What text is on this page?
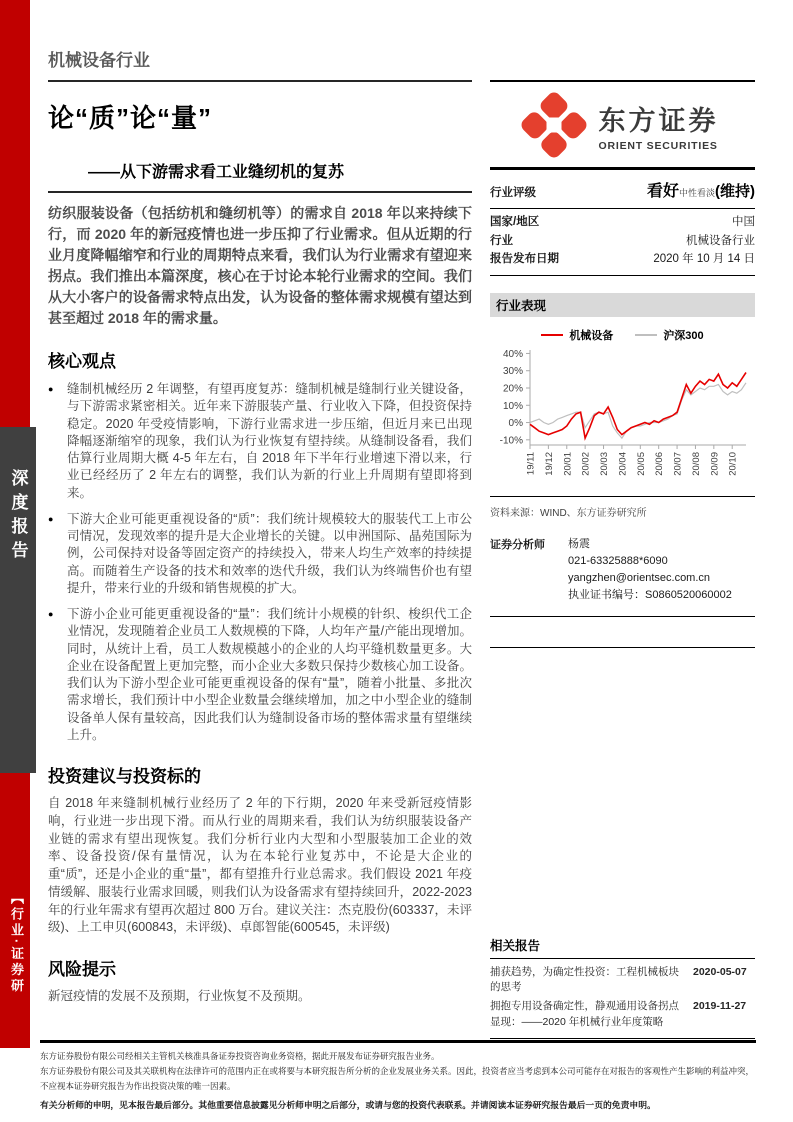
深度报告
【行业·证券研
机械设备行业
论“质”论“量”
——从下游需求看工业缝纫机的复苏

纺织服装设备（包括纺机和缝纫机等）的需求自 2018 年以来持续下行，而 2020 年的新冠疫情也进一步压抑了行业需求。但从近期的行业月度降幅缩窄和行业的周期特点来看，我们认为行业需求有望迎来拐点。我们推出本篇深度，核心在于讨论本轮行业需求的空间。我们从大小客户的设备需求特点出发，认为设备的整体需求规模有望达到甚至超过 2018 年的需求量。

核心观点
● 缝制机械经历 2 年调整，有望再度复苏：缝制机械是缝制行业关键设备，与下游需求紧密相关。近年来下游服装产量、行业收入下降，但投资保持稳定。2020 年受疫情影响，下游行业需求进一步压缩，但近月来已出现降幅逐渐缩窄的现象，我们认为行业恢复有望持续。从缝制设备看，我们估算行业周期大概 4-5 年左右，自 2018 年下半年行业增速下滑以来，行业已经经历了 2 年左右的调整，我们认为新的行业上升周期有望即将到来。
● 下游大企业可能更重视设备的“质”：我们统计规模较大的服装代工上市公司情况，发现效率的提升是大企业增长的关键。以申洲国际、晶苑国际为例，公司保持对设备等固定资产的持续投入，带来人均生产效率的持续提高。而随着生产设备的技术和效率的迭代升级，我们认为终端售价也有望提升，带来行业的升级和销售规模的扩大。
● 下游小企业可能更重视设备的“量”：我们统计小规模的针织、梭织代工企业情况，发现随着企业员工人数规模的下降，人均年产量/产能出现增加。同时，从统计上看，员工人数规模越小的企业的人均平缝机数量更多。大企业在设备配置上更加完整，而小企业大多数只保持少数核心加工设备。我们认为下游小型企业可能更重视设备的保有“量”，随着小批量、多批次需求增长，我们预计中小型企业数量会继续增加，加之中小型企业的缝制设备单人保有量较高，因此我们认为缝制设备市场的整体需求量有望继续上升。
投资建议与投资标的

自 2018 年来缝制机械行业经历了 2 年的下行期，2020 年来受新冠疫情影响，行业进一步出现下滑。而从行业的周期来看，我们认为纺织服装设备产业链的需求有望出现恢复。我们分析行业内大型和小型服装加工企业的效率、设备投资/保有量情况，认为在本轮行业复苏中，不论是大企业的重“质”，还是小企业的重“量”，都有望推升行业总需求。我们假设 2021 年疫情缓解、服装行业需求回暖，则我们认为设备需求有望持续回升，2022-2023 年的行业年需求有望再次超过 800 万台。建议关注：杰克股份(603337，未评级)、上工申贝(600843，未评级)、卓郎智能(600545，未评级)

风险提示

新冠疫情的发展不及预期，行业恢复不及预期。

东方证券
ORIENT SECURITIES
行业评级	看好 中性 看淡 (维持)
国家/地区	中国
行业	机械设备行业
报告发布日期	2020 年 10 月 14 日
行业表现
机械设备	沪深300
40%
30%
20%
10%
0%
-10%
19/11 19/12 20/01 20/02 20/03 20/04 20/05 20/06 20/07 20/08 20/09 20/10
资料来源：WIND、东方证券研究所
证券分析师	杨震
021-63325888*6090
yangzhen@orientsec.com.cn
执业证书编号：S0860520060002
相关报告
捕获趋势，为确定性投资：工程机械板块的思考
2020-05-07
拥抱专用设备确定性，静观通用设备拐点显现：——2020 年机械行业年度策略
2019-11-27
东方证券股份有限公司经相关主管机关核准具备证券投资咨询业务资格，据此开展发布证券研究报告业务。
东方证券股份有限公司及其关联机构在法律许可的范围内正在或将要与本研究报告所分析的企业发展业务关系。因此，投资者应当考虑到本公司可能存在对报告的客观性产生影响的利益冲突，不应视本证券研究报告为作出投资决策的唯一因素。
有关分析师的申明，见本报告最后部分。其他重要信息披露见分析师申明之后部分，或请与您的投资代表联系。并请阅读本证券研究报告最后一页的免责申明。
